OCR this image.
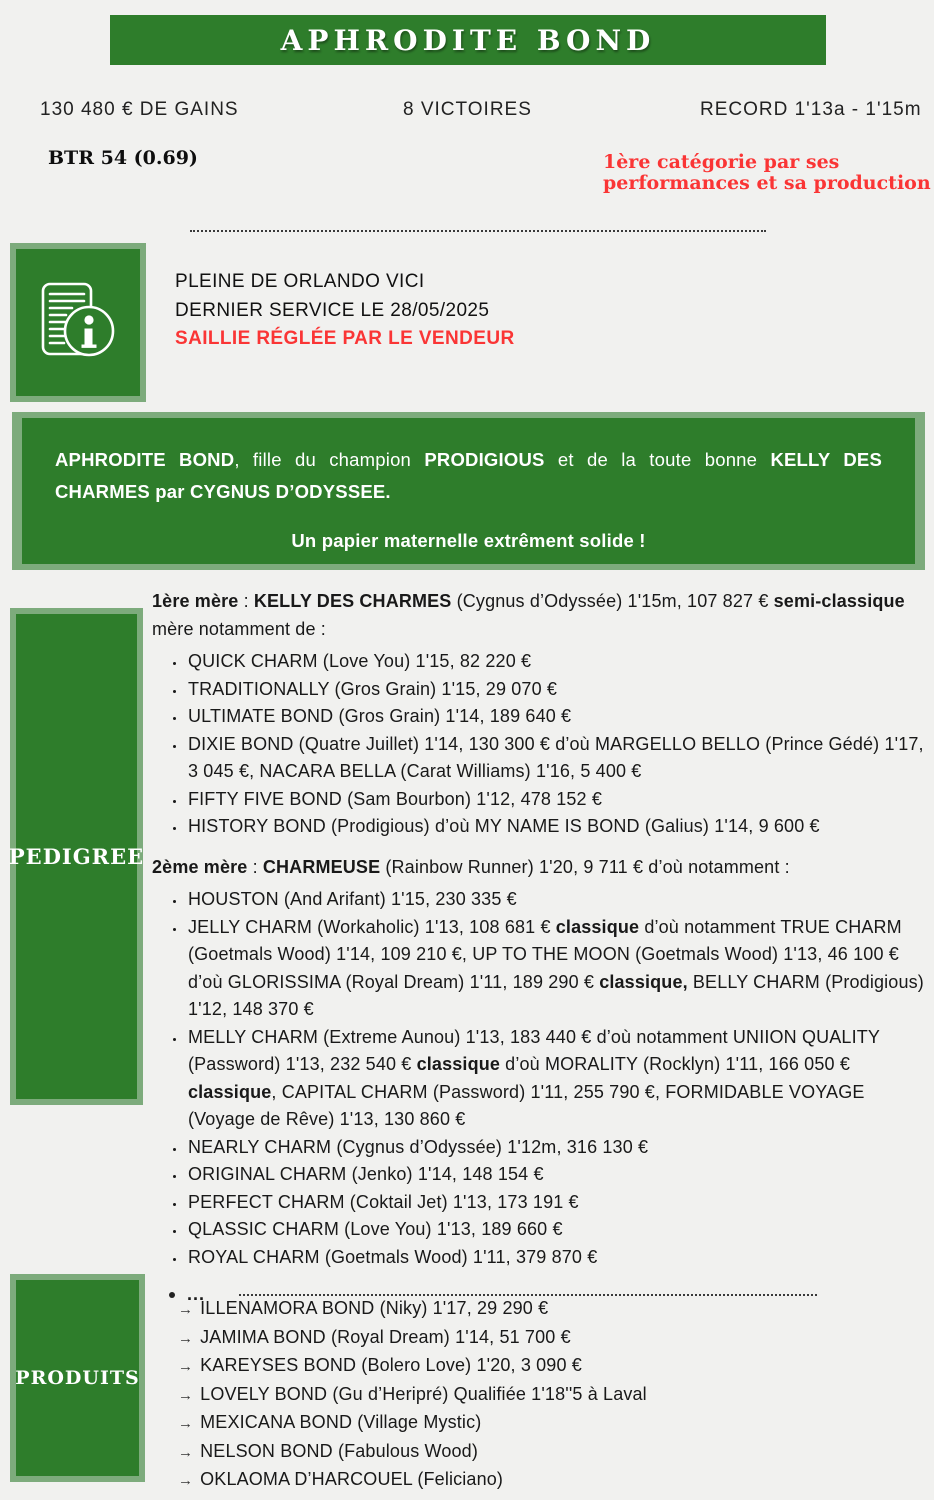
APHRODITE BOND
130 480 € DE GAINS	8 VICTOIRES	RECORD 1'13a - 1'15m
BTR 54 (0.69)	1ère catégorie par ses
performances et sa production
PLEINE DE ORLANDO VICI
DERNIER SERVICE LE 28/05/2025
SAILLIE RÉGLÉE PAR LE VENDEUR

APHRODITE BOND, fille du champion PRODIGIOUS et de la toute bonne KELLY DES CHARMES par CYGNUS D’ODYSSEE.

Un papier maternelle extrêment solide !

PEDIGREE

1ère mère : KELLY DES CHARMES (Cygnus d’Odyssée) 1'15m, 107 827 € semi-classique mère notamment de :

• QUICK CHARM (Love You) 1'15, 82 220 €
• TRADITIONALLY (Gros Grain) 1'15, 29 070 €
• ULTIMATE BOND (Gros Grain) 1'14, 189 640 €
• DIXIE BOND (Quatre Juillet) 1'14, 130 300 € d’où MARGELLO BELLO (Prince Gédé) 1'17, 3 045 €, NACARA BELLA (Carat Williams) 1'16, 5 400 €
• FIFTY FIVE BOND (Sam Bourbon) 1'12, 478 152 €
• HISTORY BOND (Prodigious) d’où MY NAME IS BOND (Galius) 1'14, 9 600 €

2ème mère : CHARMEUSE (Rainbow Runner) 1'20, 9 711 € d’où notamment :

• HOUSTON (And Arifant) 1'15, 230 335 €
• JELLY CHARM (Workaholic) 1'13, 108 681 € classique d’où notamment TRUE CHARM (Goetmals Wood) 1'14, 109 210 €, UP TO THE MOON (Goetmals Wood) 1'13, 46 100 € d’où GLORISSIMA (Royal Dream) 1'11, 189 290 € classique, BELLY CHARM (Prodigious) 1'12, 148 370 €
• MELLY CHARM (Extreme Aunou) 1'13, 183 440 € d’où notamment UNIION QUALITY (Password) 1'13, 232 540 € classique d’où MORALITY (Rocklyn) 1'11, 166 050 € classique, CAPITAL CHARM (Password) 1'11, 255 790 €, FORMIDABLE VOYAGE (Voyage de Rêve) 1'13, 130 860 €
• NEARLY CHARM (Cygnus d’Odyssée) 1'12m, 316 130 €
• ORIGINAL CHARM (Jenko) 1'14, 148 154 €
• PERFECT CHARM (Coktail Jet) 1'13, 173 191 €
• QLASSIC CHARM (Love You) 1'13, 189 660 €
• ROYAL CHARM (Goetmals Wood) 1'11, 379 870 €
...
PRODUITS
→ ILLENAMORA BOND (Niky) 1'17, 29 290 €
→ JAMIMA BOND (Royal Dream) 1'14, 51 700 €
→ KAREYSES BOND (Bolero Love) 1'20, 3 090 €
→ LOVELY BOND (Gu d’Heripré) Qualifiée 1'18''5 à Laval
→ MEXICANA BOND (Village Mystic)
→ NELSON BOND (Fabulous Wood)
→ OKLAOMA D’HARCOUEL (Feliciano)
